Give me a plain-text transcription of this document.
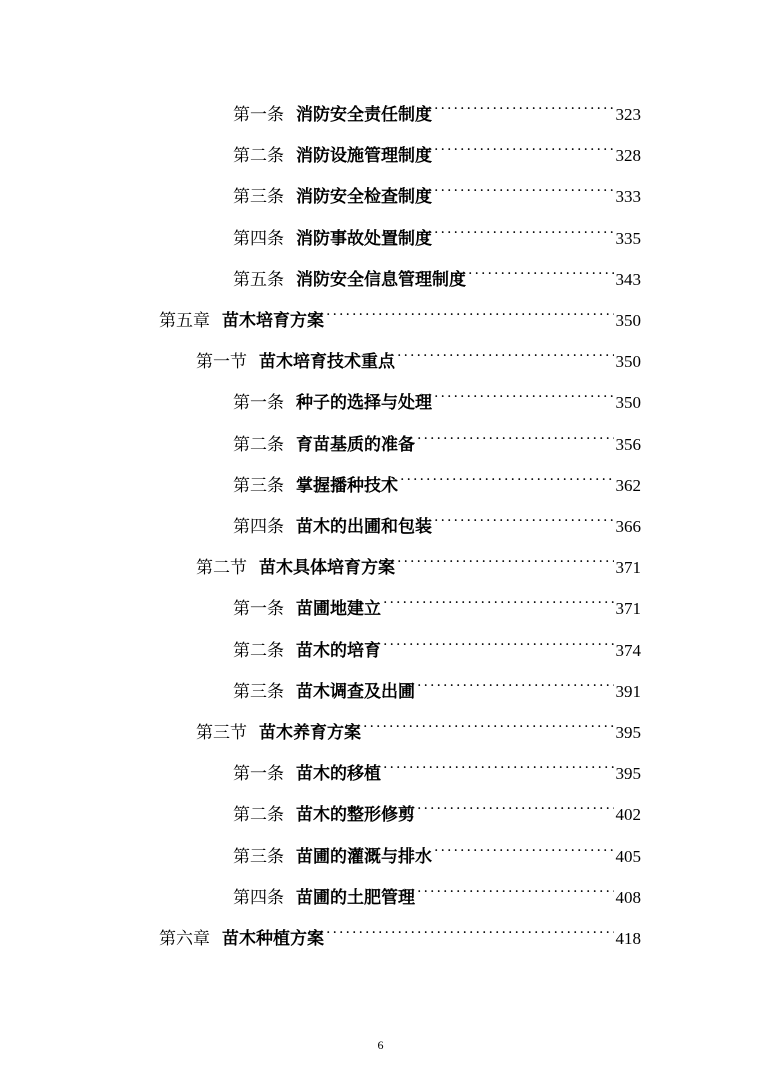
第一条 消防安全责任制度 . . .	323
第二条 消防设施管理制度 . . .	328
第三条 消防安全检查制度 . . .	333
第四条 消防事故处置制度 . . .	335
第五条 消防安全信息管理制度 . . .	343
第五章 苗木培育方案 . . .	350
第一节 苗木培育技术重点 . . .	350
第一条 种子的选择与处理 . . .	350
第二条 育苗基质的准备 . . .	356
第三条 掌握播种技术 . . .	362
第四条 苗木的出圃和包装 . . .	366
第二节 苗木具体培育方案 . . .	371
第一条 苗圃地建立 . . .	371
第二条 苗木的培育 . . .	374
第三条 苗木调查及出圃 . . .	391
第三节 苗木养育方案 . . .	395
第一条 苗木的移植 . . .	395
第二条 苗木的整形修剪 . . .	402
第三条 苗圃的灌溉与排水 . . .	405
第四条 苗圃的土肥管理 . . .	408
第六章 苗木种植方案 . . .	418
6
